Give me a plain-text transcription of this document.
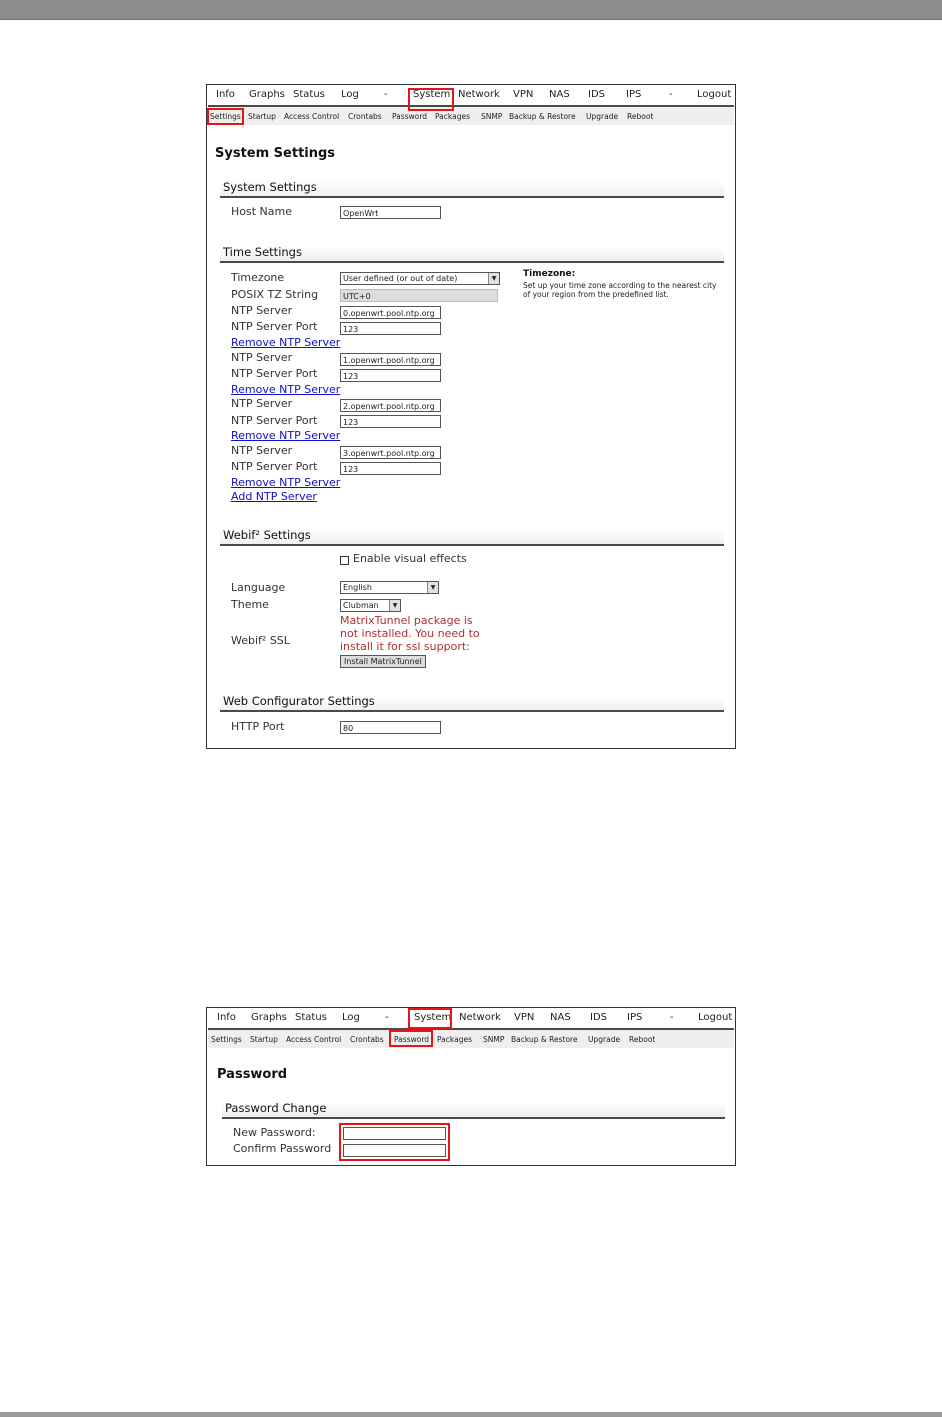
Info Graphs Status Log	-	System Network VPN NAS IDS IPS	- Logout
Settings Startup Access Control Crontabs Password Packages SNMP Backup & Restore Upgrade Reboot
System Settings
System Settings
Host Name	OpenWrt
Time Settings
Timezone	User defined (or out of date)	▼
POSIX TZ String	UTC+0
NTP Server	0.openwrt.pool.ntp.org
NTP Server Port	123
Remove NTP Server
NTP Server	1.openwrt.pool.ntp.org
NTP Server Port	123
Remove NTP Server
NTP Server	2.openwrt.pool.ntp.org
NTP Server Port	123
Remove NTP Server
NTP Server	3.openwrt.pool.ntp.org
NTP Server Port	123
Remove NTP Server
Add NTP Server
Timezone:
Set up your time zone according to the nearest city of your region from the predefined list.
Webif² Settings
Enable visual effects
Language	English	▼
Theme	Clubman	▼
Webif² SSL
MatrixTunnel package is
not installed. You need to
install it for ssl support:
Install MatrixTunnel
Web Configurator Settings
HTTP Port	80
Info Graphs Status Log	-	System Network VPN NAS IDS IPS	- Logout
Settings Startup Access Control Crontabs Password Packages SNMP Backup & Restore Upgrade Reboot
Password
Password Change
New Password:
Confirm Password
